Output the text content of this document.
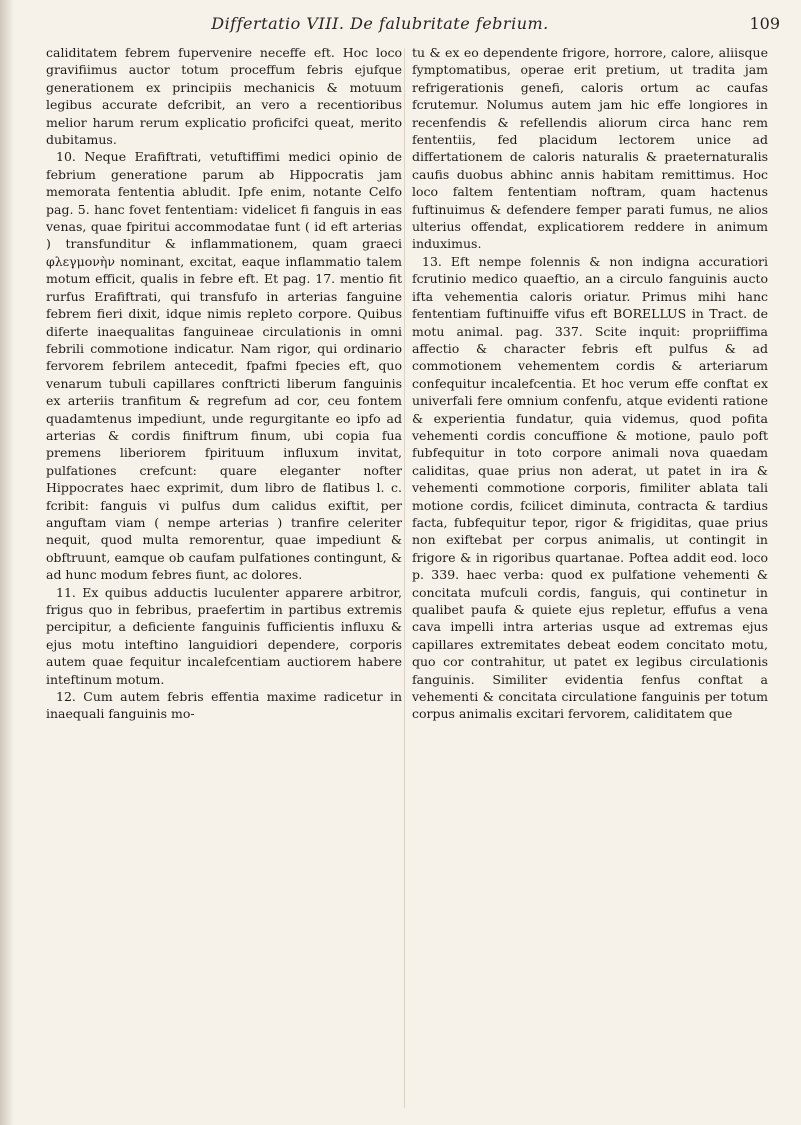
Differtatio VIII. De falubritate febrium.	109

caliditatem febrem fupervenire neceffe eft. Hoc loco gravifiimus auctor totum proceffum febris ejufque generationem ex principiis mechanicis & motuum legibus accurate defcribit, an vero a recentioribus melior harum rerum explicatio proficifci queat, merito dubitamus.

10. Neque Erafiftrati, vetuftiffimi medici opinio de febrium generatione parum ab Hippocratis jam memorata fententia abludit. Ipfe enim, notante Celfo pag. 5. hanc fovet fententiam: videlicet fi fanguis in eas venas, quae fpiritui accommodatae funt ( id eft arterias ) transfunditur & inflammationem, quam graeci φλεγμονὴν nominant, excitat, eaque inflammatio talem motum efficit, qualis in febre eft. Et pag. 17. mentio fit rurfus Erafiftrati, qui transfufo in arterias fanguine febrem fieri dixit, idque nimis repleto corpore. Quibus diferte inaequalitas fanguineae circulationis in omni febrili commotione indicatur. Nam rigor, qui ordinario fervorem febrilem antecedit, fpafmi fpecies eft, quo venarum tubuli capillares conftricti liberum fanguinis ex arteriis tranfitum & regrefum ad cor, ceu fontem quadamtenus impediunt, unde regurgitante eo ipfo ad arterias & cordis finiftrum finum, ubi copia fua premens liberiorem fpirituum influxum invitat, pulfationes crefcunt: quare eleganter nofter Hippocrates haec exprimit, dum libro de flatibus l. c. fcribit: fanguis vi pulfus dum calidus exiftit, per anguftam viam ( nempe arterias ) tranfire celeriter nequit, quod multa remorentur, quae impediunt & obftruunt, eamque ob caufam pulfationes contingunt, & ad hunc modum febres fiunt, ac dolores.

11. Ex quibus adductis luculenter apparere arbitror, frigus quo in febribus, praefertim in partibus extremis percipitur, a deficiente fanguinis fufficientis influxu & ejus motu inteftino languidiori dependere, corporis autem quae fequitur incalefcentiam auctiorem habere inteftinum motum.

12. Cum autem febris effentia maxime radicetur in inaequali fanguinis mo-

tu & ex eo dependente frigore, horrore, calore, aliisque fymptomatibus, operae erit pretium, ut tradita jam refrigerationis genefi, caloris ortum ac caufas fcrutemur. Nolumus autem jam hic effe longiores in recenfendis & refellendis aliorum circa hanc rem fententiis, fed placidum lectorem unice ad differtationem de caloris naturalis & praeternaturalis caufis duobus abhinc annis habitam remittimus. Hoc loco faltem fententiam noftram, quam hactenus fuftinuimus & defendere femper parati fumus, ne alios ulterius offendat, explicatiorem reddere in animum induximus.

13. Eft nempe folennis & non indigna accuratiori fcrutinio medico quaeftio, an a circulo fanguinis aucto ifta vehementia caloris oriatur. Primus mihi hanc fententiam fuftinuiffe vifus eft BORELLUS in Tract. de motu animal. pag. 337. Scite inquit: propriiffima affectio & character febris eft pulfus & ad commotionem vehementem cordis & arteriarum confequitur incalefcentia. Et hoc verum effe conftat ex univerfali fere omnium confenfu, atque evidenti ratione & experientia fundatur, quia videmus, quod pofita vehementi cordis concuffione & motione, paulo poft fubfequitur in toto corpore animali nova quaedam caliditas, quae prius non aderat, ut patet in ira & vehementi commotione corporis, fimiliter ablata tali motione cordis, fcilicet diminuta, contracta & tardius facta, fubfequitur tepor, rigor & frigiditas, quae prius non exiftebat per corpus animalis, ut contingit in frigore & in rigoribus quartanae. Poftea addit eod. loco p. 339. haec verba: quod ex pulfatione vehementi & concitata mufculi cordis, fanguis, qui continetur in qualibet paufa & quiete ejus repletur, effufus a vena cava impelli intra arterias usque ad extremas ejus capillares extremitates debeat eodem concitato motu, quo cor contrahitur, ut patet ex legibus circulationis fanguinis. Similiter evidentia fenfus conftat a vehementi & concitata circulatione fanguinis per totum corpus animalis excitari fervorem, caliditatem que
